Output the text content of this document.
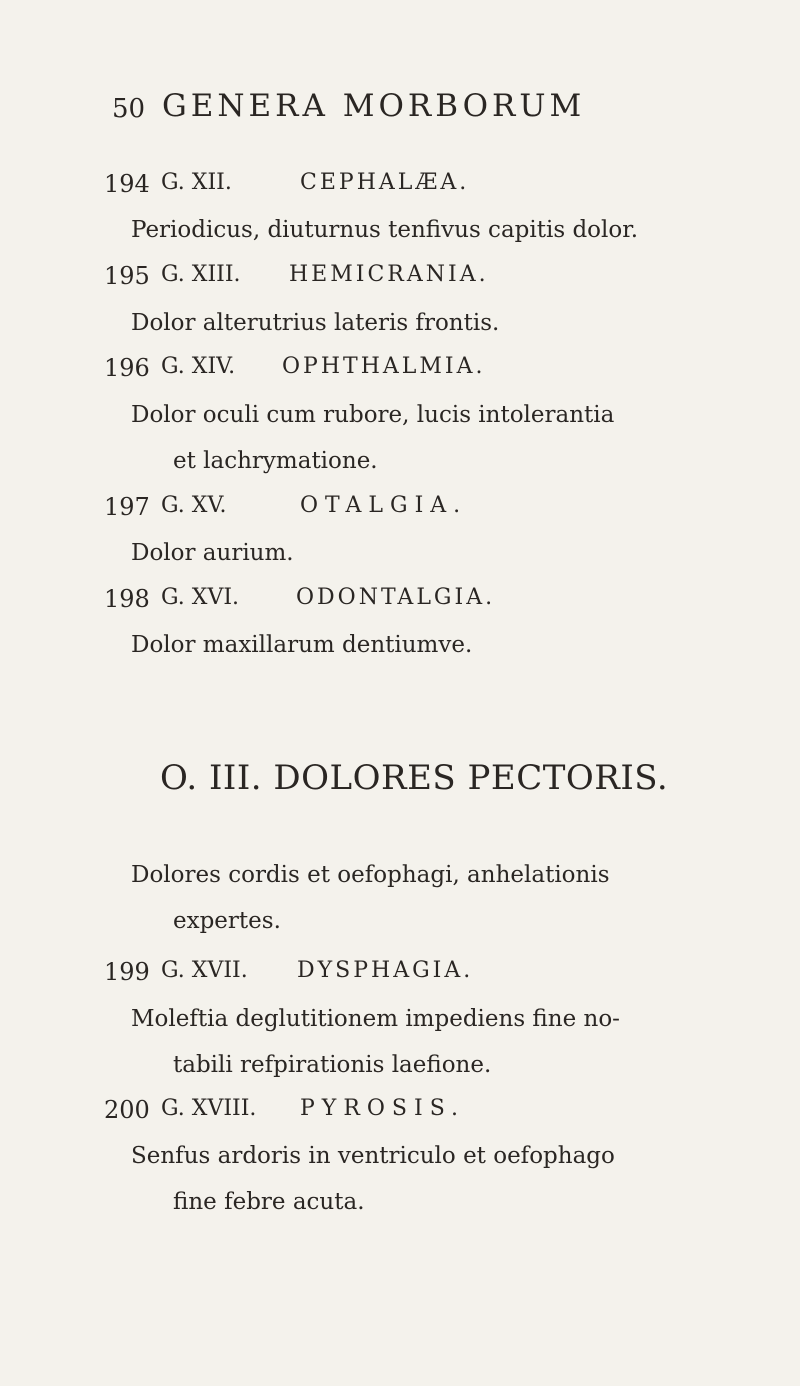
50 GENERA MORBORUM
194 G. XII.	CEPHALÆA.
Periodicus, diuturnus tenfivus capitis dolor.
195 G. XIII. HEMICRANIA.
Dolor alterutrius lateris frontis.
196 G. XIV. OPHTHALMIA.
Dolor oculi cum rubore, lucis intolerantia
et lachrymatione.
197 G. XV.	OTALGIA.
Dolor aurium.
198 G. XVI.	ODONTALGIA.
Dolor maxillarum dentiumve.
O. III. DOLORES PECTORIS.
Dolores cordis et oefophagi, anhelationis
expertes.
199 G. XVII. DYSPHAGIA.
Moleftia deglutitionem impediens fine no-
tabili refpirationis laefione.
200 G. XVIII. PYROSIS.
Senfus ardoris in ventriculo et oefophago
fine febre acuta.
